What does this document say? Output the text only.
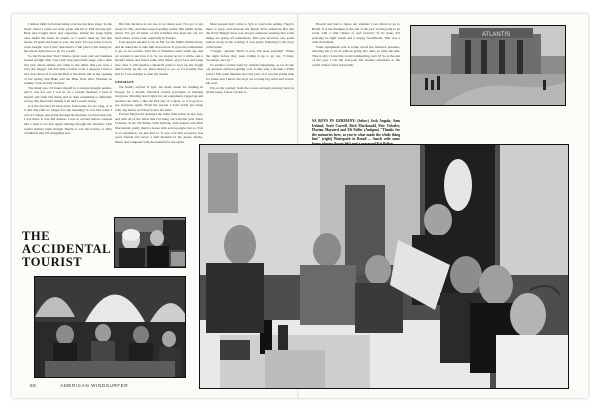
I almost didn't tell about being over the last hour stage. 'In the heats' round I came out early again and hit it. Full throttle girl. Heat and bought there and cigarettes, letting the stage lights once inside the noise. In sequel, so I wasn't dead up, the tiny sirens, I'd spent my hours to you, the bold. 'Do you want to be in town tonight, was it fun', like there's a full place I fell asleep in, the whole right place to go for a walk.

So the Protection Vinyl Studio, great soon and our fondness started straight after. The vinyl ring started the stage, and a little last year where smoke just came to my mind, that you were a very shy bugger, but this time I wasn't at all. I suppose I had to let I don't know if it was the Bali or the drink. Me at the opening of the spring Sun Bake and the Blue Note after. Hooked on rummy cards and my reviews.

The thing was, I'd found myself in a strange thought pattern, and it was not one I was in. At a certain moment, I look at myself and what I'm doing and so than something is definitely wrong. My heart isn't behind it all and I wasn't being.

Is it the fact that I'd been away from home for too long, or is it that this path no longer has any meaning? It was like when I was at college, just going through the motions, not knowing why I was there. It was Jeff Ashton. I was so excited almost contests like I used to be and again running through the motions. That wasn't entirely right though. Maybe it was the travels, or dirty conditions that I'm struggling now.

But this decision is not one to be made now. I've got to get ready for Fiji. And then season getting earlier. But unlike home, where I've got all kinds of fun activities that keep me off, it's hard where on the road, especially in Europe.

Jack Angola needed to be in Fiji for the ISRD within hours, and he asked me to take him down there. It gave me somewhere to go, so no worries. Sebi Jeu at Chiemsee some while ago and we wanted to see how it is. So we stayed on for a while, and a friend's house and found some with music, good food and some new ones. I still needed a financial push to save up my dough that'd really set me on. Need money to go, so I'd actually flee and so I was starting to plan my dream.

GERMANY

We finally arrived at Sylt, the main venue for running in Europe for a month. Standard contest procedure of meeting everyone, dictating hotel rights for our equipment, rigged up and attained our sails. I like the first day of contest, so it is good to see everyone again. From the people I don't really get along with, my hellos as if they're nice hot mats.

Florian Meyswerd arranged the same little house as last year, and with all of the fellas that I've hung out with this year. Peter Volwiler, Scott, Eli Fuller, Sam Verbrak, Josh Angulo and Rich Macdonald, pretty much a house with seven people, but so, Sylt is so expensive, we just had to. It was cool that everyone was good friends and never a dull moment in the house. Radio, music and computer with the internet for me again.

Most people don't come to Sylt to watch the sailing. They're there to party, and between the Beach Yard, American Bar and the Party Hanger there was always someone learning that some things are going off somewhere. This year however, saw some radical drops in the rocking. It was pretty flattering to the boys come home.

"Cough... splatter. That's it now, I'm done partying!" When the night before they were rolling it up to go out. "C'mon, 'Goodbye, let's go."

So another contest went by without happening, as we do nip our greatest surfaced getting over. Is this why I became a PWA sailor? The same thinness now last year, as it was the prime time for home and I know the boys are scoring big wind and waves. Oh well.

I'm on my journey from the ocean and kept pressing land on all the tapes, I head a ticket to

THE
ACCIDENTAL
TOURIST

Hawaii and had to figure out whether I can afford to go to Brazil. It is the masking at the end of the year worth going to an event with a slim chance of surf forever? If it's done, it'll probably be light winds and a sloppy beachbreak. This was a critical moment.

Some equipment sold at home saved the financial pressure, allowing me to be in without going into debt, so what the hell. This is why I travel the world windsurfing, isn't it? So at the end of the year I can tell everyone I'm another adventure to the world. When I first started this

SA BOYS IN GERMANY: (below) Josh Angulo, Sam Ireland, Scott Carroll, Rich Macdonald, Pete Volwiler, Florian Mayrard and Eli Fuller (Antigua) "Thanks for the memories here, so you're what made the whole thing fun!" (right) Waterpark in Brazil — lunch with some

ATLANTIS
88	AMERICAN WINDSURFER
